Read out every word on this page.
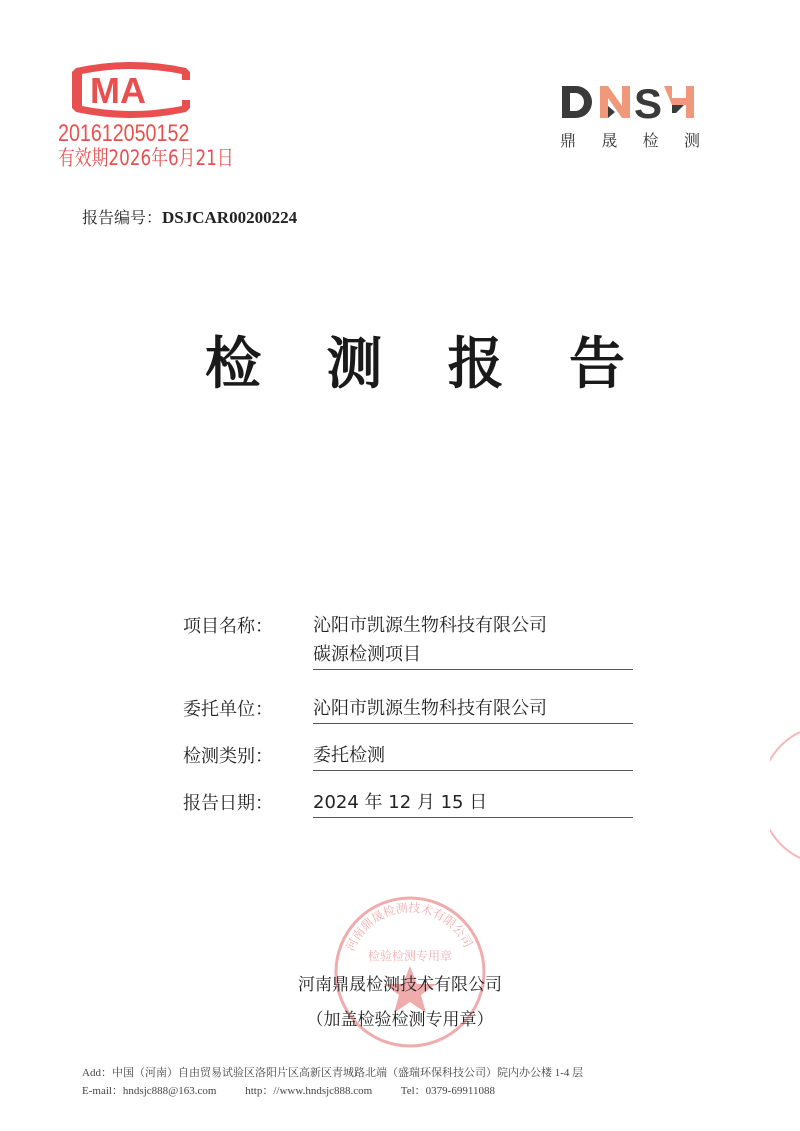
MA
201612050152
有效期2026年6月21日
S
鼎 晟 检 测
报告编号：DSJCAR00200224
检 测 报 告
项目名称： 沁阳市凯源生物科技有限公司
碳源检测项目
委托单位： 沁阳市凯源生物科技有限公司
检测类别： 委托检测
报告日期： 2024 年 12 月 15 日
河南鼎晟检测技术有限公司
检验检测专用章
河南鼎晟检测技术有限公司
（加盖检验检测专用章）
Add：中国（河南）自由贸易试验区洛阳片区高新区青城路北端（盛瑞环保科技公司）院内办公楼 1-4 层
E-mail：hndsjc888@163.com	http：//www.hndsjc888.com	Tel：0379-69911088
